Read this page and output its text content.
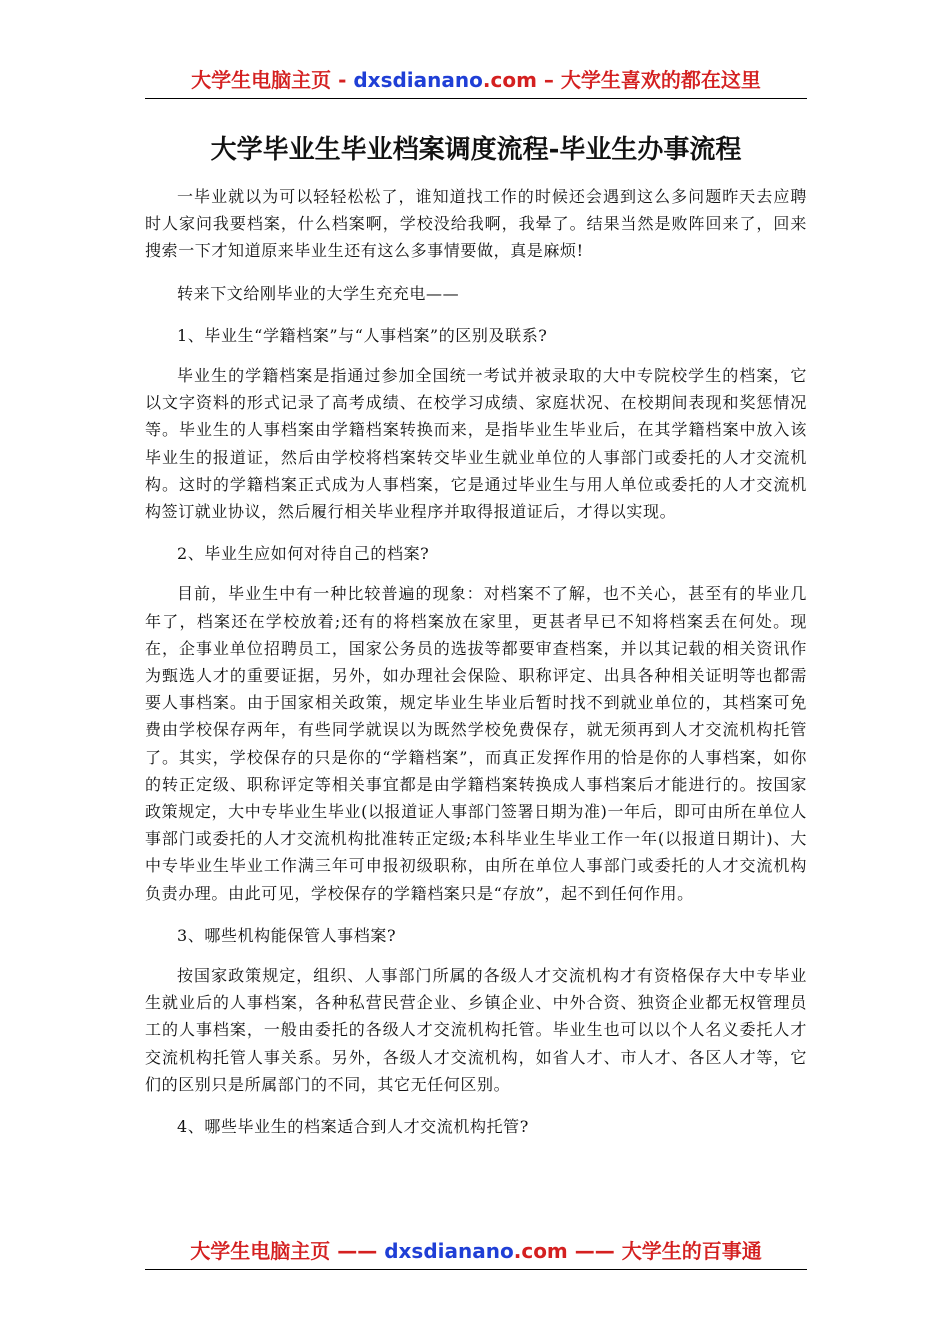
大学生电脑主页 - dxsdianano.com – 大学生喜欢的都在这里
大学毕业生毕业档案调度流程-毕业生办事流程

一毕业就以为可以轻轻松松了，谁知道找工作的时候还会遇到这么多问题昨天去应聘时人家问我要档案，什么档案啊，学校没给我啊，我晕了。结果当然是败阵回来了，回来搜索一下才知道原来毕业生还有这么多事情要做，真是麻烦!

转来下文给刚毕业的大学生充充电——

1、毕业生“学籍档案”与“人事档案”的区别及联系?

毕业生的学籍档案是指通过参加全国统一考试并被录取的大中专院校学生的档案，它以文字资料的形式记录了高考成绩、在校学习成绩、家庭状况、在校期间表现和奖惩情况等。毕业生的人事档案由学籍档案转换而来，是指毕业生毕业后，在其学籍档案中放入该毕业生的报道证，然后由学校将档案转交毕业生就业单位的人事部门或委托的人才交流机构。这时的学籍档案正式成为人事档案，它是通过毕业生与用人单位或委托的人才交流机构签订就业协议，然后履行相关毕业程序并取得报道证后，才得以实现。

2、毕业生应如何对待自己的档案?

目前，毕业生中有一种比较普遍的现象：对档案不了解，也不关心，甚至有的毕业几年了，档案还在学校放着;还有的将档案放在家里，更甚者早已不知将档案丢在何处。现在，企事业单位招聘员工，国家公务员的选拔等都要审查档案，并以其记载的相关资讯作为甄选人才的重要证据，另外，如办理社会保险、职称评定、出具各种相关证明等也都需要人事档案。由于国家相关政策，规定毕业生毕业后暂时找不到就业单位的，其档案可免费由学校保存两年，有些同学就误以为既然学校免费保存，就无须再到人才交流机构托管了。其实，学校保存的只是你的“学籍档案”，而真正发挥作用的恰是你的人事档案，如你的转正定级、职称评定等相关事宜都是由学籍档案转换成人事档案后才能进行的。按国家政策规定，大中专毕业生毕业(以报道证人事部门签署日期为准)一年后，即可由所在单位人事部门或委托的人才交流机构批准转正定级;本科毕业生毕业工作一年(以报道日期计)、大中专毕业生毕业工作满三年可申报初级职称，由所在单位人事部门或委托的人才交流机构负责办理。由此可见，学校保存的学籍档案只是“存放”，起不到任何作用。

3、哪些机构能保管人事档案?

按国家政策规定，组织、人事部门所属的各级人才交流机构才有资格保存大中专毕业生就业后的人事档案，各种私营民营企业、乡镇企业、中外合资、独资企业都无权管理员工的人事档案，一般由委托的各级人才交流机构托管。毕业生也可以以个人名义委托人才交流机构托管人事关系。另外，各级人才交流机构，如省人才、市人才、各区人才等，它们的区别只是所属部门的不同，其它无任何区别。

4、哪些毕业生的档案适合到人才交流机构托管?

大学生电脑主页 —— dxsdianano.com —— 大学生的百事通
